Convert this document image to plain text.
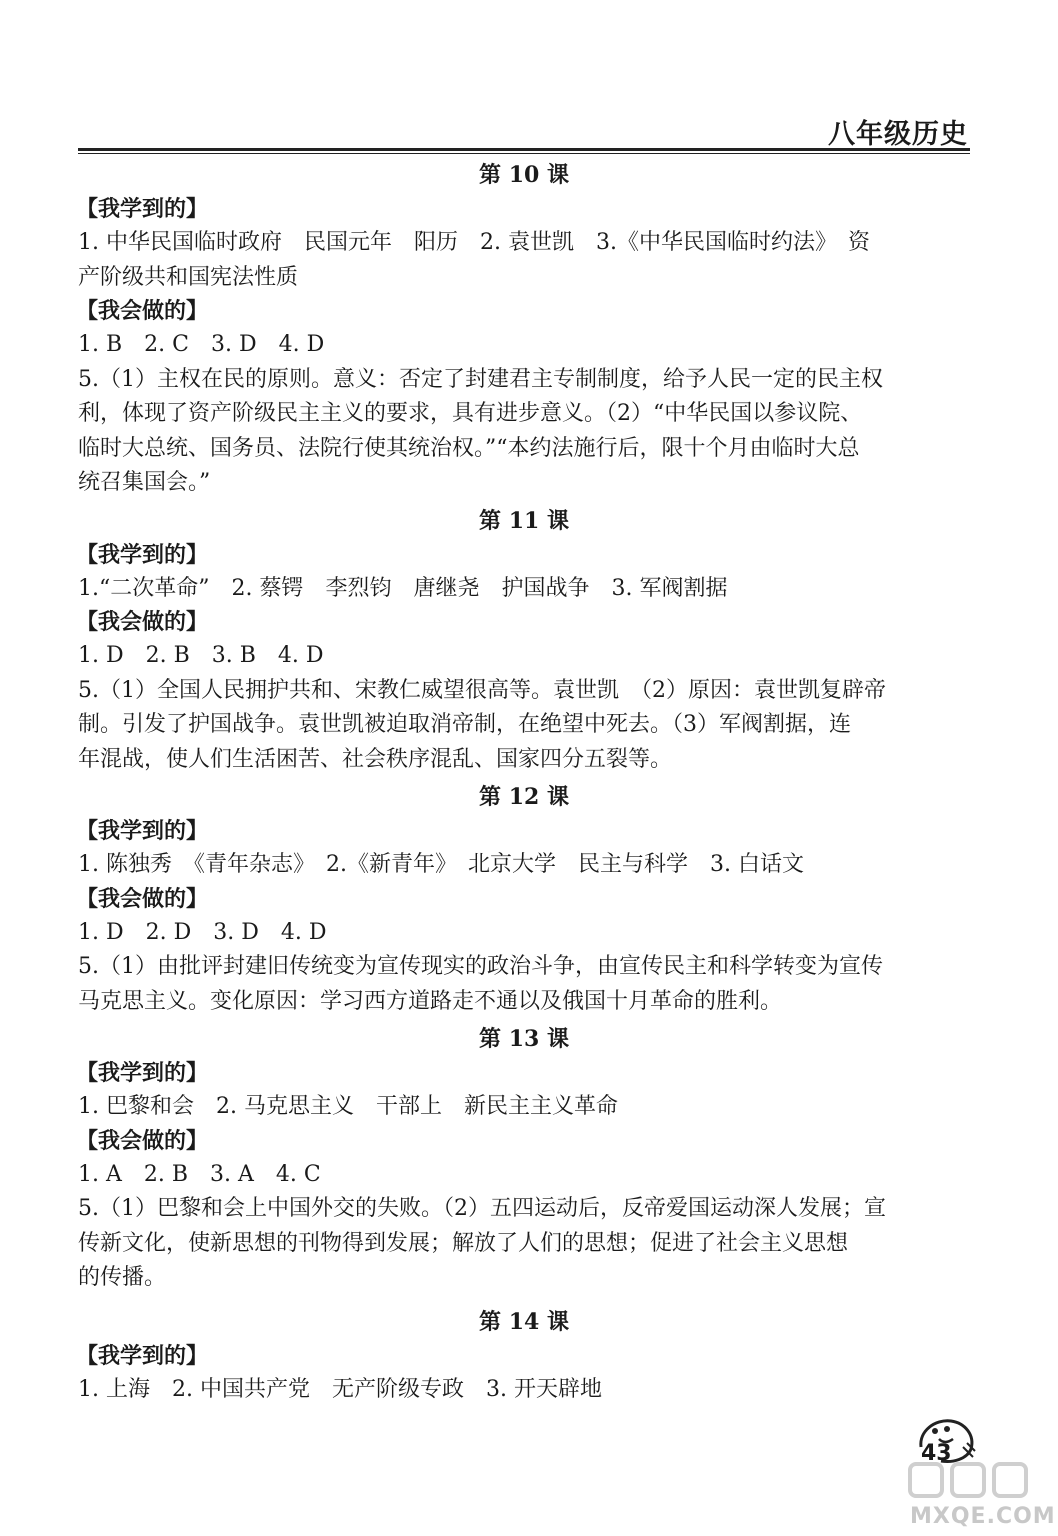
八年级历史
第 10 课
【我学到的】
1. 中华民国临时政府　民国元年　阳历　2. 袁世凯　3.《中华民国临时约法》　资
产阶级共和国宪法性质
【我会做的】
1. B　2. C　3. D　4. D
5.（1）主权在民的原则。意义：否定了封建君主专制制度，给予人民一定的民主权
利，体现了资产阶级民主主义的要求，具有进步意义。（2）“中华民国以参议院、
临时大总统、国务员、法院行使其统治权。”“本约法施行后，限十个月由临时大总
统召集国会。”
第 11 课
【我学到的】
1.“二次革命”　2. 蔡锷　李烈钧　唐继尧　护国战争　3. 军阀割据
【我会做的】
1. D　2. B　3. B　4. D
5.（1）全国人民拥护共和、宋教仁威望很高等。袁世凯　（2）原因：袁世凯复辟帝
制。引发了护国战争。袁世凯被迫取消帝制，在绝望中死去。（3）军阀割据，连
年混战，使人们生活困苦、社会秩序混乱、国家四分五裂等。
第 12 课
【我学到的】
1. 陈独秀　《青年杂志》　2.《新青年》　北京大学　民主与科学　3. 白话文
【我会做的】
1. D　2. D　3. D　4. D
5.（1）由批评封建旧传统变为宣传现实的政治斗争，由宣传民主和科学转变为宣传
马克思主义。变化原因：学习西方道路走不通以及俄国十月革命的胜利。
第 13 课
【我学到的】
1. 巴黎和会　2. 马克思主义　干部上　新民主主义革命
【我会做的】
1. A　2. B　3. A　4. C
5.（1）巴黎和会上中国外交的失败。（2）五四运动后，反帝爱国运动深人发展；宣
传新文化，使新思想的刊物得到发展；解放了人们的思想；促进了社会主义思想
的传播。
第 14 课
【我学到的】
1. 上海　2. 中国共产党　无产阶级专政　3. 开天辟地
43
MXQE.COM
